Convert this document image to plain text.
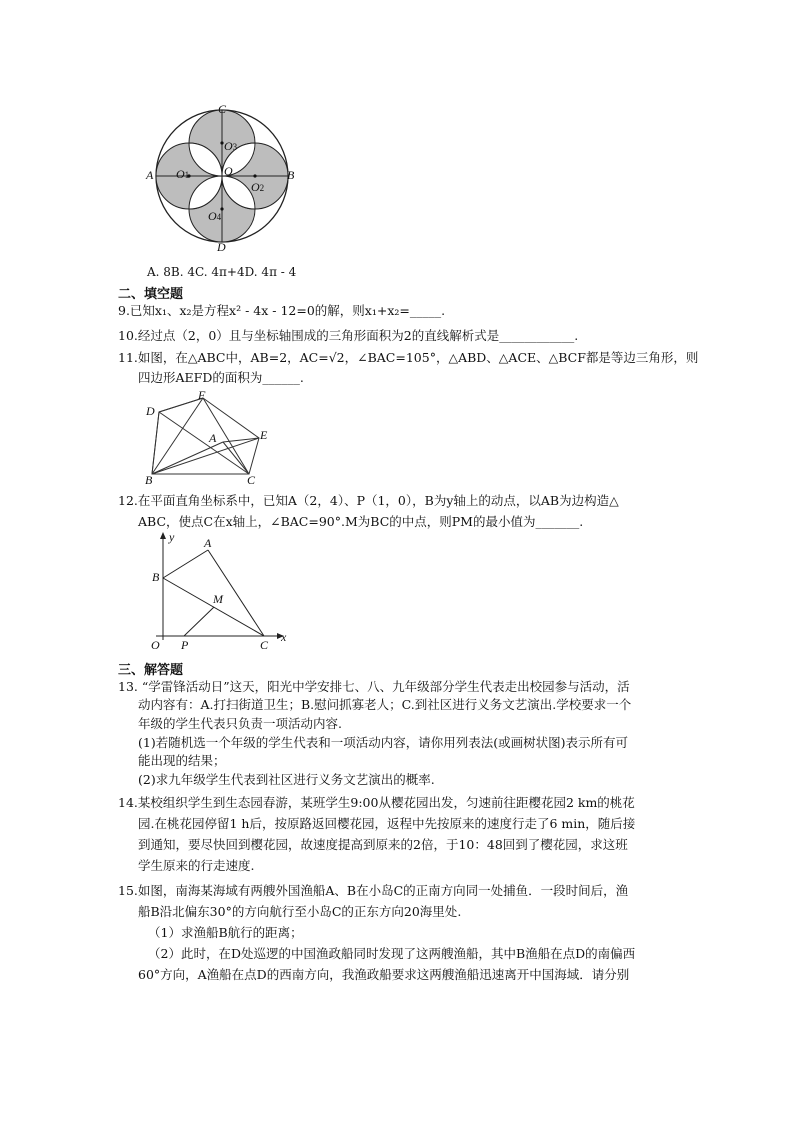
C
A	B
D
O
O1
O2
O3
O4
A. 8B. 4C. 4π+4D. 4π - 4
二、填空题
9.已知x₁、x₂是方程x² - 4x - 12=0的解，则x₁+x₂=_____.
10.经过点（2，0）且与坐标轴围成的三角形面积为2的直线解析式是____________.
11.如图，在△ABC中，AB=2，AC=√2，∠BAC=105°，△ABD、△ACE、△BCF都是等边三角形，则
四边形AEFD的面积为______.
D
F
A	E
B	C
12.在平面直角坐标系中，已知A（2，4）、P（1，0），B为y轴上的动点，以AB为边构造△
ABC，使点C在x轴上，∠BAC=90°.M为BC的中点，则PM的最小值为_______.
y
x
A
B
M
O P	C
三、解答题
13. “学雷锋活动日”这天，阳光中学安排七、八、九年级部分学生代表走出校园参与活动，活
动内容有：A.打扫街道卫生；B.慰问抓寡老人；C.到社区进行义务文艺演出.学校要求一个
年级的学生代表只负责一项活动内容.
(1)若随机选一个年级的学生代表和一项活动内容，请你用列表法(或画树状图)表示所有可
能出现的结果；
(2)求九年级学生代表到社区进行义务文艺演出的概率.
14.某校组织学生到生态园春游，某班学生9:00从樱花园出发，匀速前往距樱花园2 km的桃花
园.在桃花园停留1 h后，按原路返回樱花园，返程中先按原来的速度行走了6 min，随后接
到通知，要尽快回到樱花园，故速度提高到原来的2倍，于10：48回到了樱花园，求这班
学生原来的行走速度.
15.如图，南海某海域有两艘外国渔船A、B在小岛C的正南方向同一处捕鱼．一段时间后，渔
船B沿北偏东30°的方向航行至小岛C的正东方向20海里处.
（1）求渔船B航行的距离；
（2）此时，在D处巡逻的中国渔政船同时发现了这两艘渔船，其中B渔船在点D的南偏西
60°方向，A渔船在点D的西南方向，我渔政船要求这两艘渔船迅速离开中国海域．请分别
